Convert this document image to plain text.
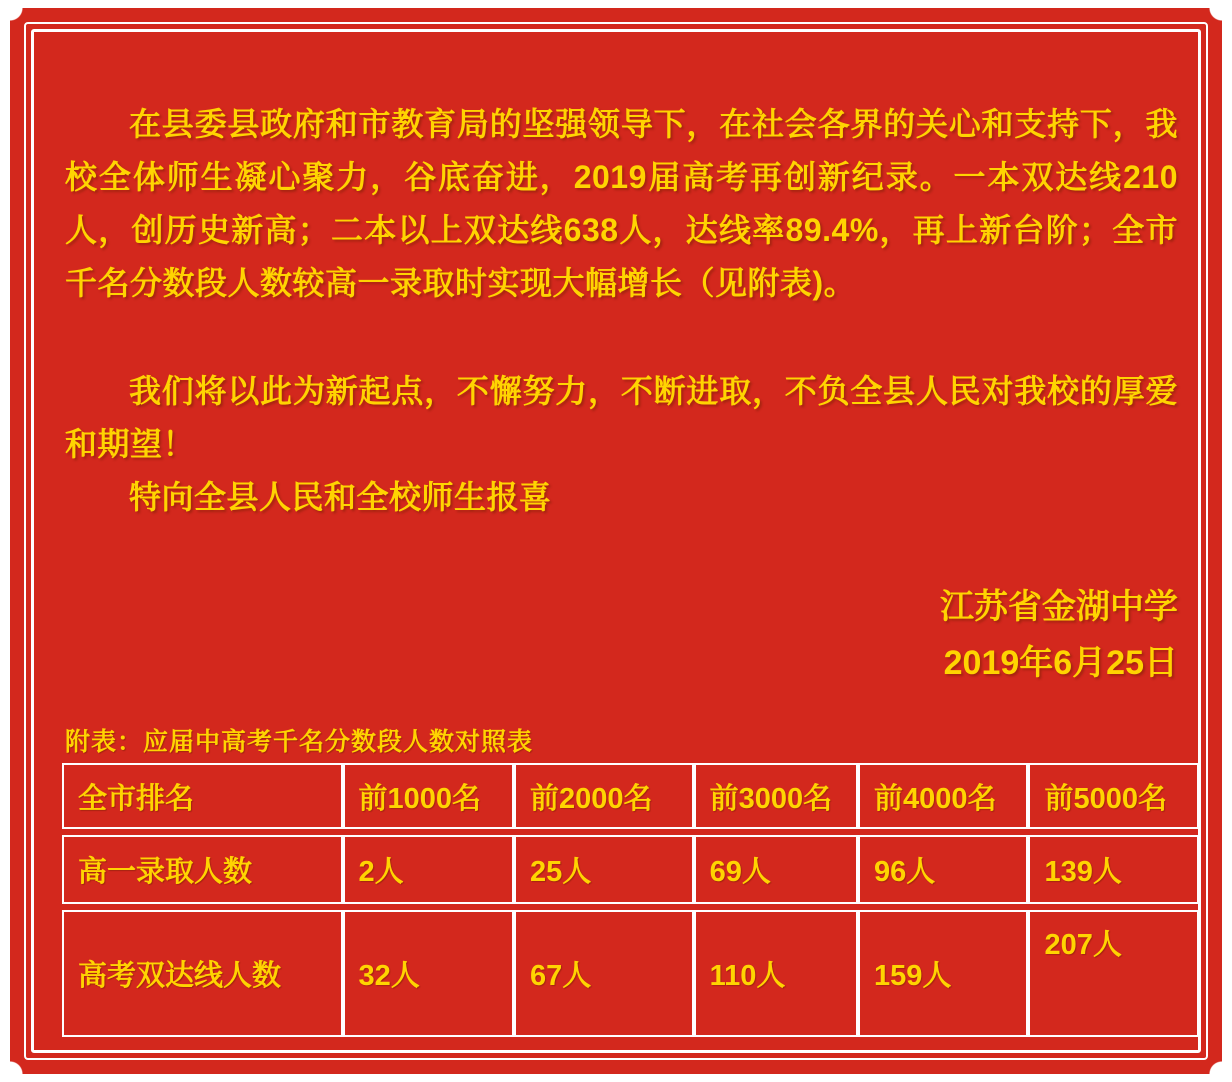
在县委县政府和市教育局的坚强领导下，在社会各界的关心和支持下，我校全体师生凝心聚力，谷底奋进，2019届高考再创新纪录。一本双达线210人，创历史新高；二本以上双达线638人，达线率89.4%，再上新台阶；全市千名分数段人数较高一录取时实现大幅增长（见附表)。

我们将以此为新起点，不懈努力，不断进取，不负全县人民对我校的厚爱和期望！

特向全县人民和全校师生报喜

江苏省金湖中学
2019年6月25日
附表：应届中高考千名分数段人数对照表
全市排名	前1000名	前2000名	前3000名	前4000名	前5000名
高一录取人数	2人	25人	69人	96人	139人
高考双达线人数	32人	67人	110人	159人	207人
